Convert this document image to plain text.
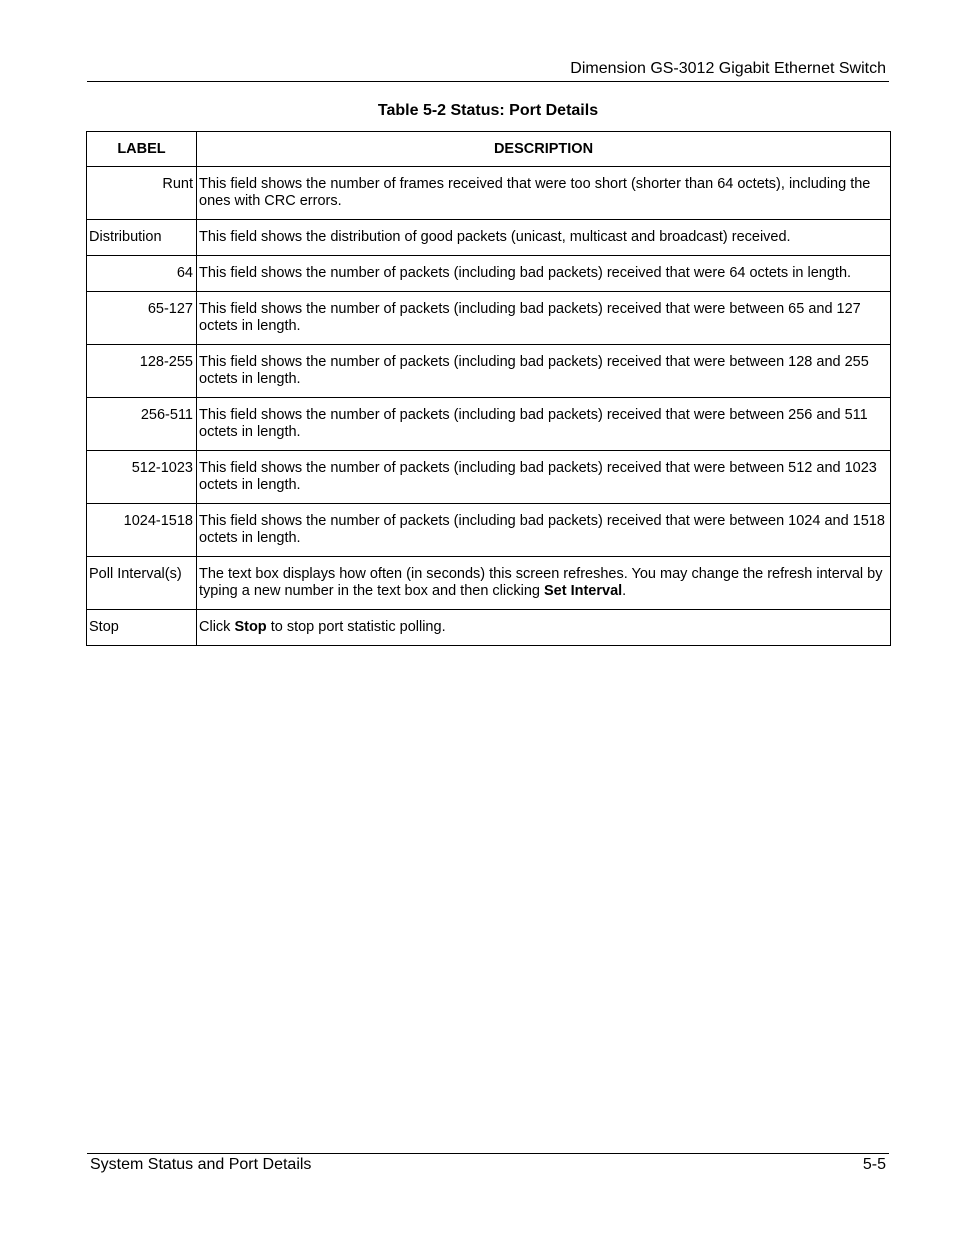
Dimension GS-3012 Gigabit Ethernet Switch
Table 5-2 Status: Port Details
LABEL	DESCRIPTION
Runt	This field shows the number of frames received that were too short (shorter than 64 octets), including the ones with CRC errors.
Distribution	This field shows the distribution of good packets (unicast, multicast and broadcast) received.
64	This field shows the number of packets (including bad packets) received that were 64 octets in length.
65-127	This field shows the number of packets (including bad packets) received that were between 65 and 127 octets in length.
128-255	This field shows the number of packets (including bad packets) received that were between 128 and 255 octets in length.
256-511	This field shows the number of packets (including bad packets) received that were between 256 and 511 octets in length.
512-1023	This field shows the number of packets (including bad packets) received that were between 512 and 1023 octets in length.
1024-1518	This field shows the number of packets (including bad packets) received that were between 1024 and 1518 octets in length.
Poll Interval(s)	The text box displays how often (in seconds) this screen refreshes. You may change the refresh interval by typing a new number in the text box and then clicking Set Interval.
Stop	Click Stop to stop port statistic polling.
System Status and Port Details	5-5
